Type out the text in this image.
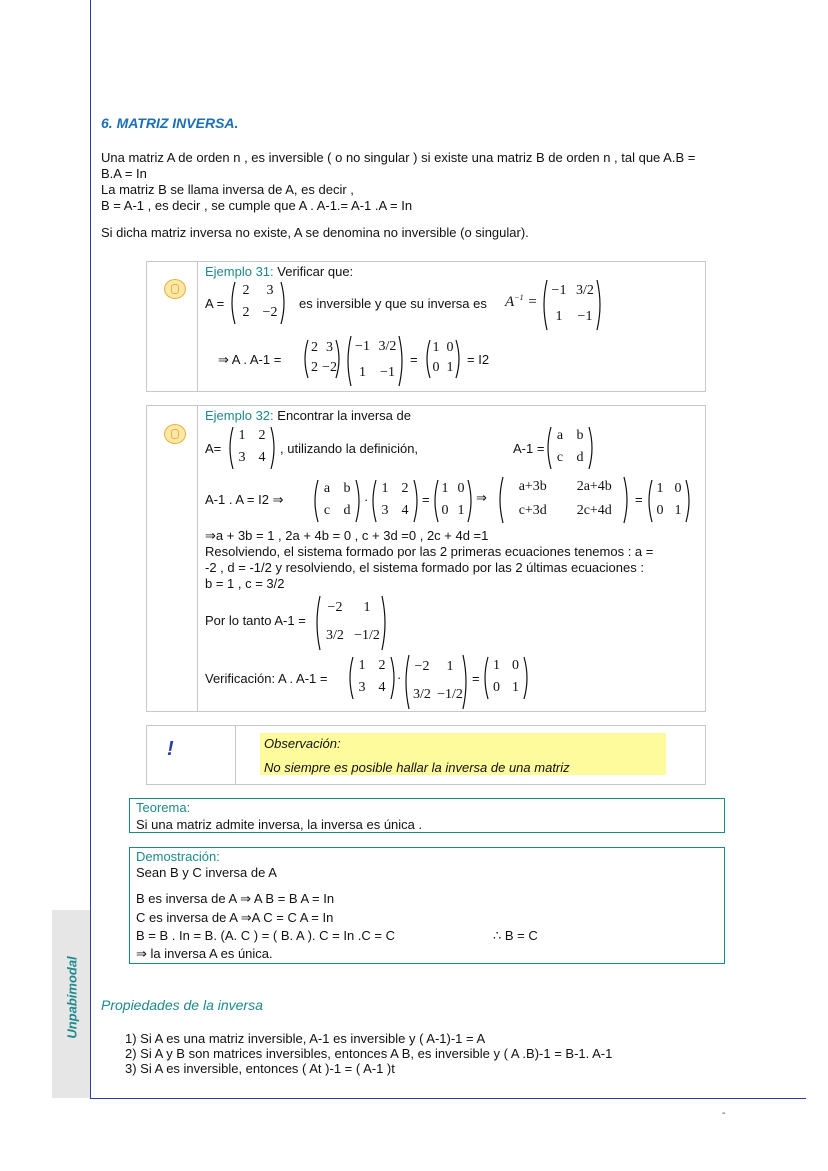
Unpabimodal
6. MATRIZ INVERSA.
Una matriz A de orden n , es inversible ( o no singular ) si existe una matriz B de orden n , tal que A.B =
B.A = In
La matriz B se llama inversa de A, es decir ,
B = A-1 , es decir , se cumple que A . A-1.= A-1 .A = In
Si dicha matriz inversa no existe, A se denomina no inversible (o singular).
Ejemplo 31: Verificar que:
A =
2	3
2 −2
es inversible y que su inversa es $A^{-1}$ =
−1 3/2
1	−1
⇒ A . A-1 =
2 3
2 −2
−1 3/2
1	−1
=
1 0
0 1
= I2
Ejemplo 32: Encontrar la inversa de
A=
1 2
3 4
, utilizando la definición,	A-1 =
a b
c d
A-1 . A = I2 ⇒
a b
c d
·
1 2
3 4
=
1 0
0 1
⇒
a+3b	2a+4b
c+3d	2c+4d
=
1 0
0 1
⇒a + 3b = 1 , 2a + 4b = 0 , c + 3d =0 , 2c + 4d =1
Resolviendo, el sistema formado por las 2 primeras ecuaciones tenemos : a =
-2 , d = -1/2 y resolviendo, el sistema formado por las 2 últimas ecuaciones :
b = 1 , c = 3/2
Por lo tanto A-1 =
−2	1
3/2 −1/2
Verificación: A . A-1 =
1 2
3 4
·
−2	1
3/2 −1/2
=
1 0
0 1
!	Observación:
No siempre es posible hallar la inversa de una matriz
Teorema:
Si una matriz admite inversa, la inversa es única .
Demostración:
Sean B y C inversa de A
B es inversa de A ⇒ A B = B A = In
C es inversa de A ⇒A C = C A = In
B = B . In = B. (A. C ) = ( B. A ). C = In .C = C	∴ B = C
⇒ la inversa A es única.
Propiedades de la inversa
1) Si A es una matriz inversible, A-1 es inversible y ( A-1)-1 = A
2) Si A y B son matrices inversibles, entonces A B, es inversible y ( A .B)-1 = B-1. A-1
3) Si A es inversible, entonces ( At )-1 = ( A-1 )t
-
